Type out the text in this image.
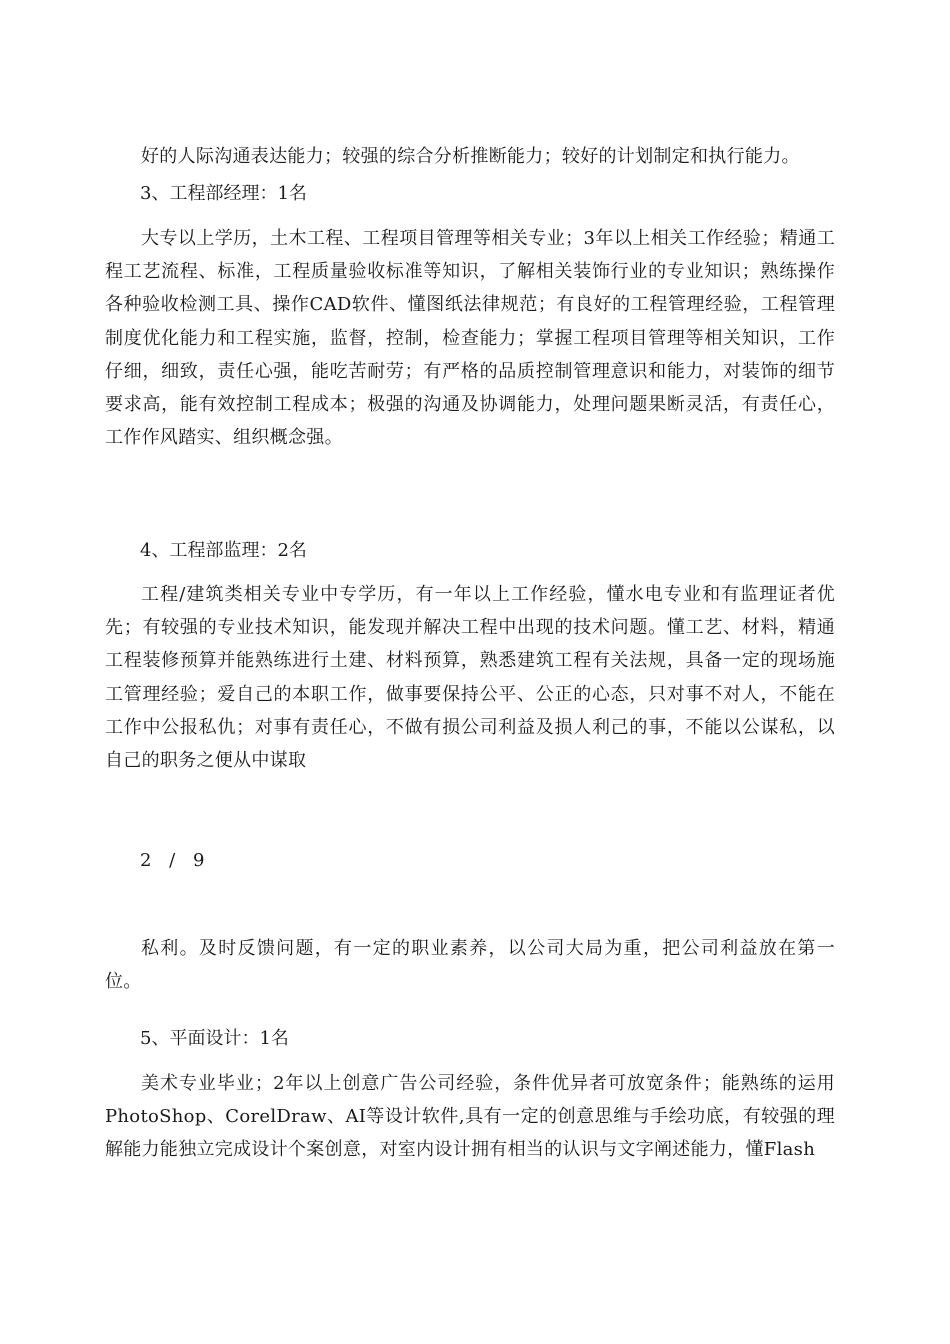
好的人际沟通表达能力；较强的综合分析推断能力；较好的计划制定和执行能力。

3、工程部经理：1名

大专以上学历，土木工程、工程项目管理等相关专业；3年以上相关工作经验；精通工程工艺流程、标准，工程质量验收标准等知识，了解相关装饰行业的专业知识；熟练操作各种验收检测工具、操作CAD软件、懂图纸法律规范；有良好的工程管理经验，工程管理制度优化能力和工程实施，监督，控制，检查能力；掌握工程项目管理等相关知识，工作仔细，细致，责任心强，能吃苦耐劳；有严格的品质控制管理意识和能力，对装饰的细节要求高，能有效控制工程成本；极强的沟通及协调能力，处理问题果断灵活，有责任心，工作作风踏实、组织概念强。

4、工程部监理：2名

工程/建筑类相关专业中专学历，有一年以上工作经验，懂水电专业和有监理证者优先；有较强的专业技术知识，能发现并解决工程中出现的技术问题。懂工艺、材料，精通工程装修预算并能熟练进行土建、材料预算，熟悉建筑工程有关法规，具备一定的现场施工管理经验；爱自己的本职工作，做事要保持公平、公正的心态，只对事不对人，不能在工作中公报私仇；对事有责任心，不做有损公司利益及损人利己的事，不能以公谋私，以自己的职务之便从中谋取

2 / 9

私利。及时反馈问题，有一定的职业素养，以公司大局为重，把公司利益放在第一位。

5、平面设计：1名

美术专业毕业；2年以上创意广告公司经验，条件优异者可放宽条件；能熟练的运用PhotoShop、CorelDraw、AI等设计软件,具有一定的创意思维与手绘功底，有较强的理解能力能独立完成设计个案创意，对室内设计拥有相当的认识与文字阐述能力，懂Flash
